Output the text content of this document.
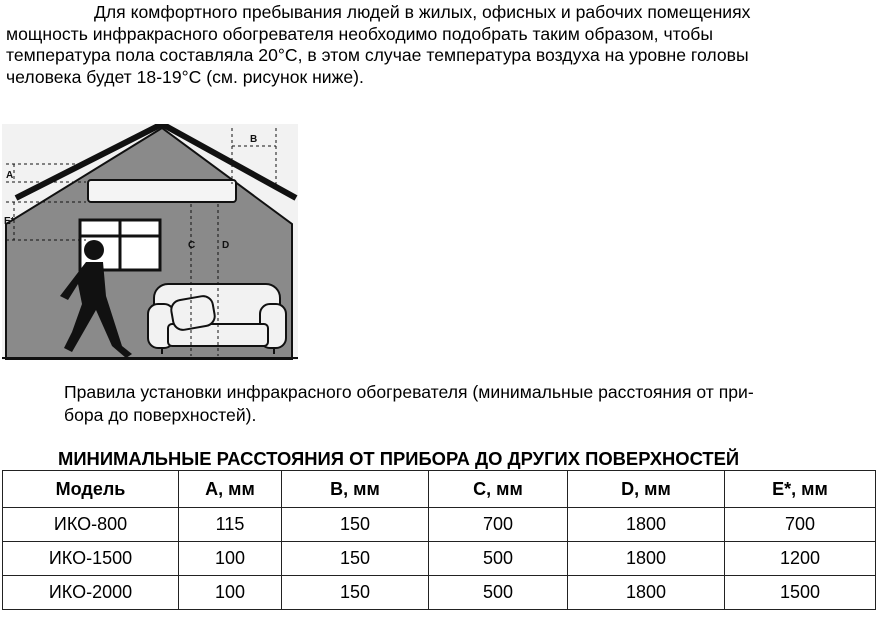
Для комфортного пребывания людей в жилых, офисных и рабочих помещениях
мощность инфракрасного обогревателя необходимо подобрать таким образом, чтобы
температура пола составляла 20°С, в этом случае температура воздуха на уровне головы
человека будет 18-19°С (см. рисунок ниже).
A
B
C	D
E*
Правила установки инфракрасного обогревателя (минимальные расстояния от при-
бора до поверхностей).
МИНИМАЛЬНЫЕ РАССТОЯНИЯ ОТ ПРИБОРА ДО ДРУГИХ ПОВЕРХНОСТЕЙ
Модель	A, мм	B, мм	C, мм	D, мм	E*, мм
ИКО-800	115	150	700	1800	700
ИКО-1500	100	150	500	1800	1200
ИКО-2000	100	150	500	1800	1500
